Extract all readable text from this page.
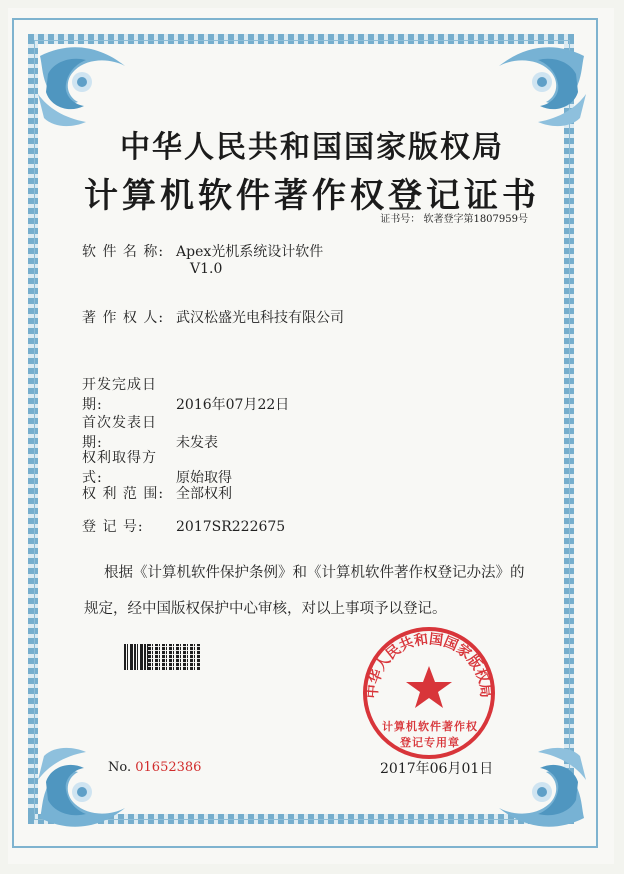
中华人民共和国国家版权局
计算机软件著作权登记证书
证书号： 软著登字第1807959号
软 件 名 称: Apex光机系统设计软件
V1.0
著 作 权 人: 武汉松盛光电科技有限公司
开发完成日期:	2016年07月22日
首次发表日期:	未发表
权利取得方式:	原始取得
权 利 范 围: 全部权利
登 记 号: 2017SR222675
根据《计算机软件保护条例》和《计算机软件著作权登记办法》的
规定，经中国版权保护中心审核，对以上事项予以登记。
No. 01652386
中华人民共和国国家版权局
计算机软件著作权
登记专用章
2017年06月01日
